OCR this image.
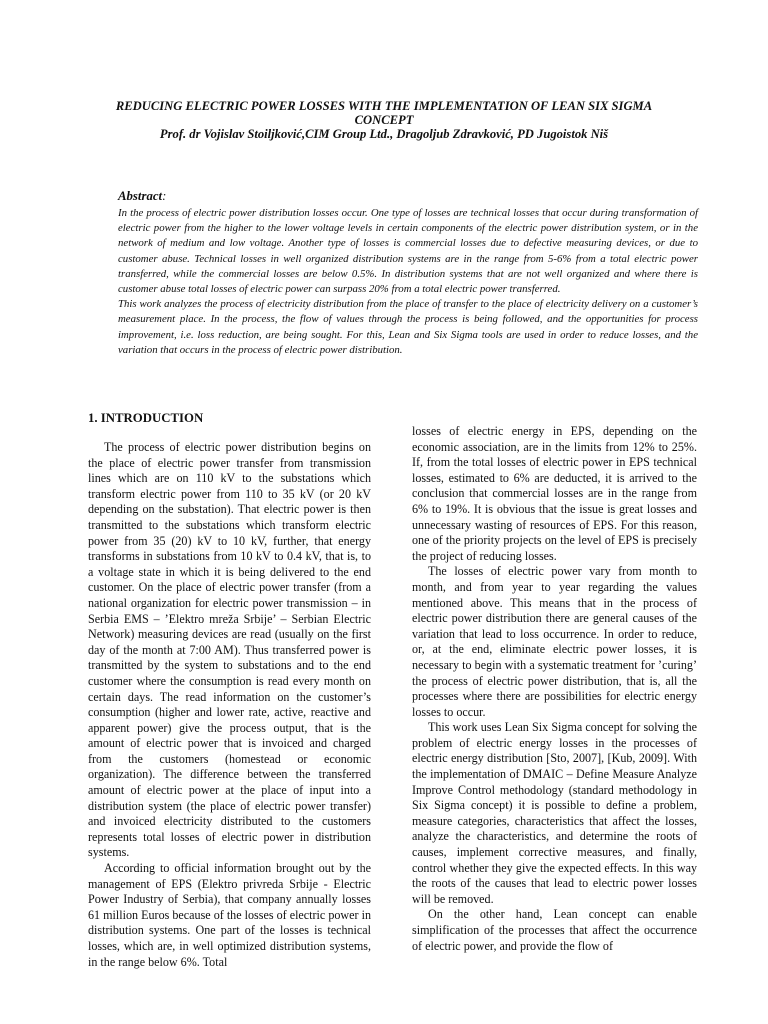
REDUCING ELECTRIC POWER LOSSES WITH THE IMPLEMENTATION OF LEAN SIX SIGMA
CONCEPT
Prof. dr Vojislav Stoiljković,CIM Group Ltd., Dragoljub Zdravković, PD Jugoistok Niš
Abstract:

In the process of electric power distribution losses occur. One type of losses are technical losses that occur during transformation of electric power from the higher to the lower voltage levels in certain components of the electric power distribution system, or in the network of medium and low voltage. Another type of losses is commercial losses due to defective measuring devices, or due to customer abuse. Technical losses in well organized distribution systems are in the range from 5-6% from a total electric power transferred, while the commercial losses are below 0.5%. In distribution systems that are not well organized and where there is customer abuse total losses of electric power can surpass 20% from a total electric power transferred.

This work analyzes the process of electricity distribution from the place of transfer to the place of electricity delivery on a customer’s measurement place. In the process, the flow of values through the process is being followed, and the opportunities for process improvement, i.e. loss reduction, are being sought. For this, Lean and Six Sigma tools are used in order to reduce losses, and the variation that occurs in the process of electric power distribution.

1. INTRODUCTION

The process of electric power distribution begins on the place of electric power transfer from transmission lines which are on 110 kV to the substations which transform electric power from 110 to 35 kV (or 20 kV depending on the substation). That electric power is then transmitted to the substations which transform electric power from 35 (20) kV to 10 kV, further, that energy transforms in substations from 10 kV to 0.4 kV, that is, to a voltage state in which it is being delivered to the end customer. On the place of electric power transfer (from a national organization for electric power transmission – in Serbia EMS – ’Elektro mreža Srbije’ – Serbian Electric Network) measuring devices are read (usually on the first day of the month at 7:00 AM). Thus transferred power is transmitted by the system to substations and to the end customer where the consumption is read every month on certain days. The read information on the customer’s consumption (higher and lower rate, active, reactive and apparent power) give the process output, that is the amount of electric power that is invoiced and charged from the customers (homestead or economic organization). The difference between the transferred amount of electric power at the place of input into a distribution system (the place of electric power transfer) and invoiced electricity distributed to the customers represents total losses of electric power in distribution systems.

According to official information brought out by the management of EPS (Elektro privreda Srbije - Electric Power Industry of Serbia), that company annually losses 61 million Euros because of the losses of electric power in distribution systems. One part of the losses is technical losses, which are, in well optimized distribution systems, in the range below 6%. Total

losses of electric energy in EPS, depending on the economic association, are in the limits from 12% to 25%. If, from the total losses of electric power in EPS technical losses, estimated to 6% are deducted, it is arrived to the conclusion that commercial losses are in the range from 6% to 19%. It is obvious that the issue is great losses and unnecessary wasting of resources of EPS. For this reason, one of the priority projects on the level of EPS is precisely the project of reducing losses.

The losses of electric power vary from month to month, and from year to year regarding the values mentioned above. This means that in the process of electric power distribution there are general causes of the variation that lead to loss occurrence. In order to reduce, or, at the end, eliminate electric power losses, it is necessary to begin with a systematic treatment for ’curing’ the process of electric power distribution, that is, all the processes where there are possibilities for electric energy losses to occur.

This work uses Lean Six Sigma concept for solving the problem of electric energy losses in the processes of electric energy distribution [Sto, 2007], [Kub, 2009]. With the implementation of DMAIC – Define Measure Analyze Improve Control methodology (standard methodology in Six Sigma concept) it is possible to define a problem, measure categories, characteristics that affect the losses, analyze the characteristics, and determine the roots of causes, implement corrective measures, and finally, control whether they give the expected effects. In this way the roots of the causes that lead to electric power losses will be removed.

On the other hand, Lean concept can enable simplification of the processes that affect the occurrence of electric power, and provide the flow of
